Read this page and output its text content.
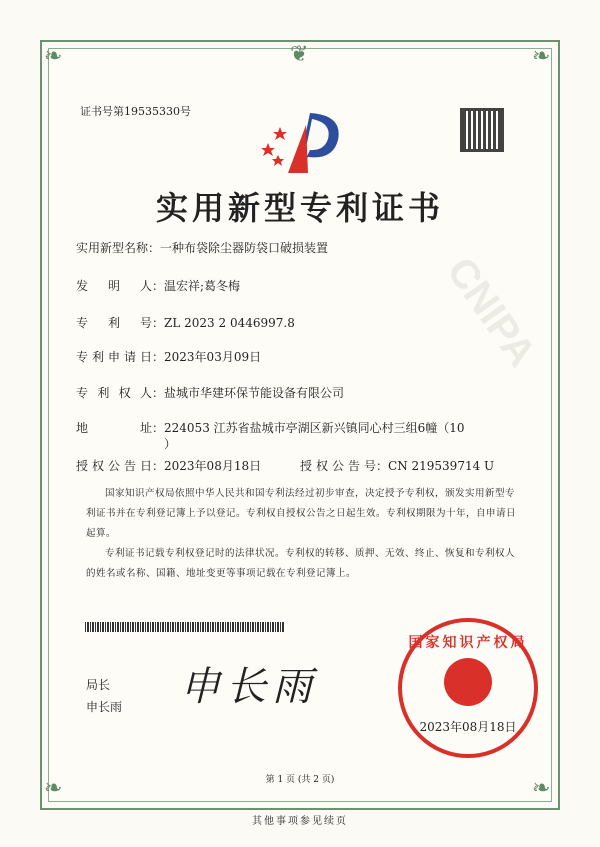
❦
❧	❧
❧	❧
CNIPA
证书号第19535330号
实用新型专利证书
实用新型名称 ： 一种布袋除尘器防袋口破损装置
发明人 ： 温宏祥;葛冬梅
专利号 ： ZL 2023 2 0446997.8
专利申请日 ： 2023年03月09日
专利权人 ： 盐城市华建环保节能设备有限公司
地址 ： 224053 江苏省盐城市亭湖区新兴镇同心村三组6幢（10
）
授权公告日 ： 2023年08月18日	授权公告号 ： CN 219539714 U

国家知识产权局依照中华人民共和国专利法经过初步审查，决定授予专利权，颁发实用新型专利证书并在专利登记簿上予以登记。专利权自授权公告之日起生效。专利权期限为十年，自申请日起算。

专利证书记载专利权登记时的法律状况。专利权的转移、质押、无效、终止、恢复和专利权人的姓名或名称、国籍、地址变更等事项记载在专利登记簿上。

局长
申长雨 申长雨
国家知识产权局
2023年08月18日
第 1 页 (共 2 页)
其他事项参见续页
